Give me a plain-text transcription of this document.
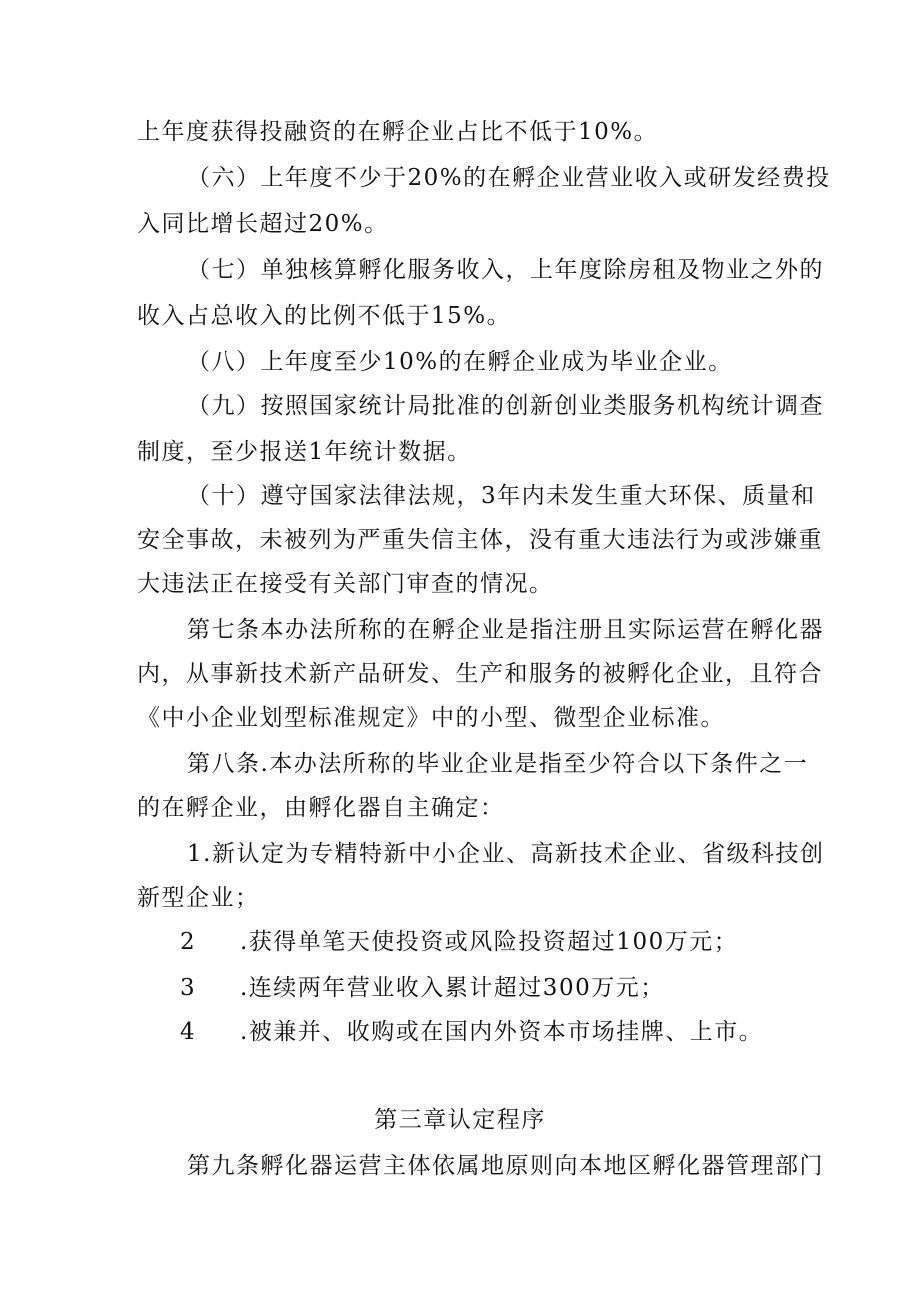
上年度获得投融资的在孵企业占比不低于10%。
（六）上年度不少于20%的在孵企业营业收入或研发经费投
入同比增长超过20%。
（七）单独核算孵化服务收入，上年度除房租及物业之外的
收入占总收入的比例不低于15%。
（八）上年度至少10%的在孵企业成为毕业企业。
（九）按照国家统计局批准的创新创业类服务机构统计调查
制度，至少报送1年统计数据。
（十）遵守国家法律法规，3年内未发生重大环保、质量和
安全事故，未被列为严重失信主体，没有重大违法行为或涉嫌重
大违法正在接受有关部门审查的情况。
第七条本办法所称的在孵企业是指注册且实际运营在孵化器
内，从事新技术新产品研发、生产和服务的被孵化企业，且符合
《中小企业划型标准规定》中的小型、微型企业标准。
第八条.本办法所称的毕业企业是指至少符合以下条件之一
的在孵企业，由孵化器自主确定：
1.新认定为专精特新中小企业、高新技术企业、省级科技创
新型企业；
2 .获得单笔天使投资或风险投资超过100万元；
3 .连续两年营业收入累计超过300万元；
4 .被兼并、收购或在国内外资本市场挂牌、上市。
第三章认定程序
第九条孵化器运营主体依属地原则向本地区孵化器管理部门
